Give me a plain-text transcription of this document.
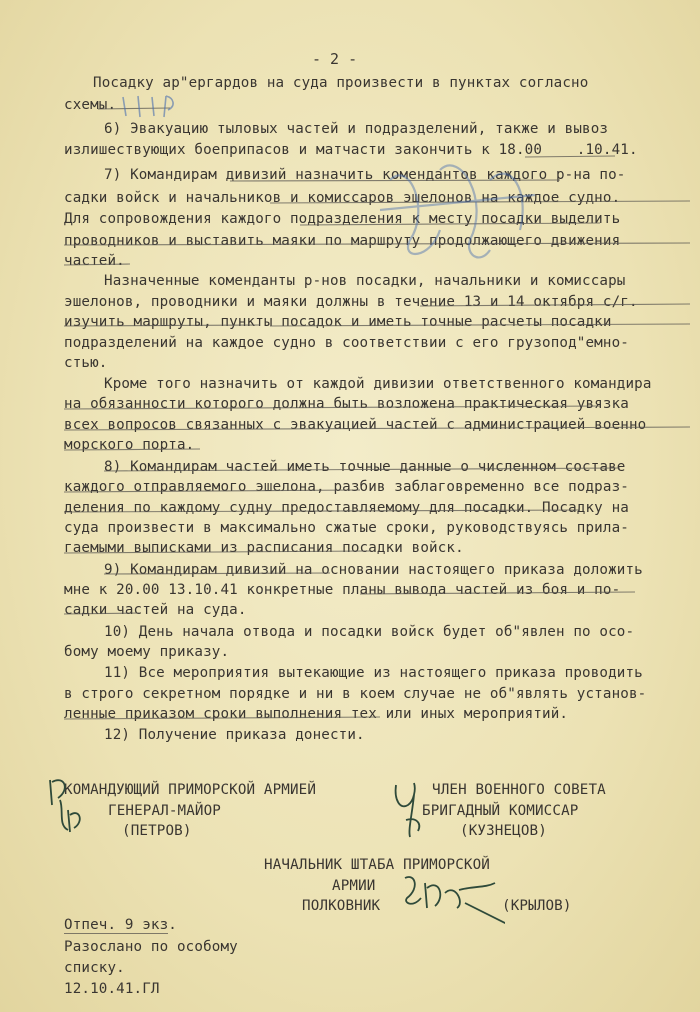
- 2 -
Посадку ар"ергардов на суда произвести в пунктах согласно
схемы.
6) Эвакуацию тыловых частей и подразделений, также и вывоз
излишествующих боеприпасов и матчасти закончить к 18.00    .10.41.
7) Командирам дивизий назначить комендантов каждого р-на по-
садки войск и начальников и комиссаров эшелонов на каждое судно.
Для сопровождения каждого подразделения к месту посадки выделить
проводников и выставить маяки по маршруту продолжающего движения
частей.
Назначенные коменданты р-нов посадки, начальники и комиссары
эшелонов, проводники и маяки должны в течение 13 и 14 октября с/г.
изучить маршруты, пункты посадок и иметь точные расчеты посадки
подразделений на каждое судно в соответствии с его грузопод"емно-
стью.
Кроме того назначить от каждой дивизии ответственного командира
на обязанности которого должна быть возложена практическая увязка
всех вопросов связанных с эвакуацией частей с администрацией военно
морского порта.
8) Командирам частей иметь точные данные о численном составе
каждого отправляемого эшелона, разбив заблаговременно все подраз-
деления по каждому судну предоставляемому для посадки. Посадку на
суда произвести в максимально сжатые сроки, руководствуясь прила-
гаемыми выписками из расписания посадки войск.
9) Командирам дивизий на основании настоящего приказа доложить
мне к 20.00 13.10.41 конкретные планы вывода частей из боя и по-
садки частей на суда.
10) День начала отвода и посадки войск будет об"явлен по осо-
бому моему приказу.
11) Все мероприятия вытекающие из настоящего приказа проводить
в строго секретном порядке и ни в коем случае не об"являть установ-
ленные приказом сроки выполнения тех или иных мероприятий.
12) Получение приказа донести.
КОМАНДУЮЩИЙ ПРИМОРСКОЙ АРМИЕЙ
ГЕНЕРАЛ-МАЙОР
(ПЕТРОВ)
ЧЛЕН ВОЕННОГО СОВЕТА
БРИГАДНЫЙ КОМИССАР
(КУЗНЕЦОВ)
НАЧАЛЬНИК ШТАБА ПРИМОРСКОЙ
АРМИИ
ПОЛКОВНИК	(КРЫЛОВ)
Отпеч. 9 экз.
Разослано по особому
списку.
12.10.41.ГЛ
